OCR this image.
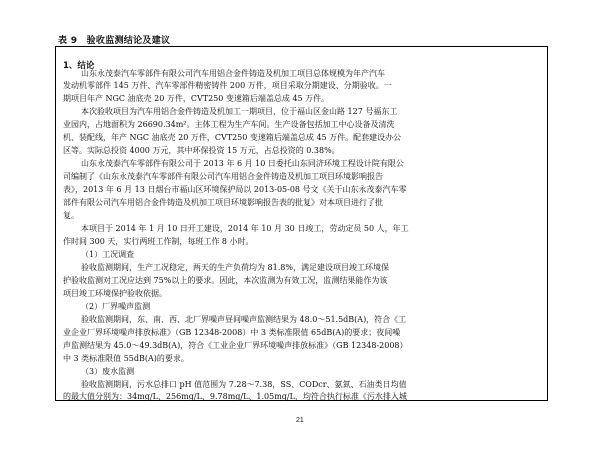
表 9　验收监测结论及建议
1、结论
山东永茂泰汽车零部件有限公司汽车用铝合金件铸造及机加工项目总体规模为年产汽车
发动机零部件 145 万件、汽车零部件精密铸件 200 万件，项目采取分期建设、分期验收。一
期项目年产 NGC 油底壳 20 万件，CVT250 变速箱后端盖总成 45 万件。
本次验收项目为汽车用铝合金件铸造及机加工一期项目，位于福山区金山路 127 号福东工
业园内，占地面积为 26690.34m²。主体工程为生产车间。生产设备包括加工中心设备及清洗
机、装配线，年产 NGC 油底壳 20 万件，CVT250 变速箱后端盖总成 45 万件。配套建设办公
区等。实际总投资 4000 万元，其中环保投资 15 万元，占总投资的 0.38%。
山东永茂泰汽车零部件有限公司于 2013 年 6 月 10 日委托山东同济环境工程设计院有限公
司编制了《山东永茂泰汽车零部件有限公司汽车用铝合金件铸造及机加工项目环境影响报告
表》，2013 年 6 月 13 日烟台市福山区环境保护局以 2013-05-08 号文《关于山东永茂泰汽车零
部件有限公司汽车用铝合金件铸造及机加工项目环境影响报告表的批复》对本项目进行了批
复。
本项目于 2014 年 1 月 10 日开工建设，2014 年 10 月 30 日竣工，劳动定员 50 人，年工
作时间 300 天，实行两班工作制，每班工作 8 小时。
（1）工况调查
验收监测期间，生产工况稳定，两天的生产负荷均为 81.8%，满足建设项目竣工环境保
护验收监测对工况应达到 75%以上的要求。因此，本次监测为有效工况，监测结果能作为该
项目竣工环境保护验收依据。
（2）厂界噪声监测
验收监测期间，东、南、西、北厂界噪声昼间噪声监测结果为 48.0～51.5dB(A)，符合《工
业企业厂界环境噪声排放标准》（GB 12348-2008）中 3 类标准限值 65dB(A)的要求；夜间噪
声监测结果为 45.0～49.3dB(A)，符合《工业企业厂界环境噪声排放标准》（GB 12348-2008）
中 3 类标准限值 55dB(A)的要求。
（3）废水监测
验收监测期间，污水总排口 pH 值范围为 7.28～7.38，SS、CODcr、氨氮、石油类日均值
的最大值分别为：34mg/L、256mg/L、9.78mg/L、1.05mg/L，均符合执行标准《污水排入城
21
